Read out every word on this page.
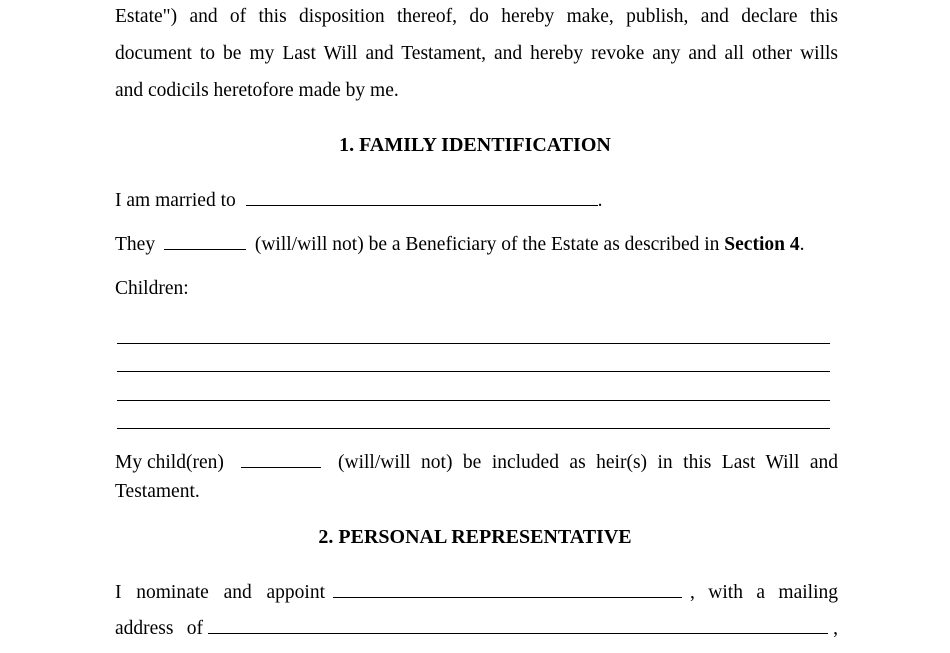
Estate") and of this disposition thereof, do hereby make, publish, and declare this
document to be my Last Will and Testament, and hereby revoke any and all other wills
and codicils heretofore made by me.
1. FAMILY IDENTIFICATION
I am married to	.
They	(will/will not) be a Beneficiary of the Estate as described in Section 4.
Children:
My child(ren)	(will/will not) be included as heir(s) in this Last Will and
Testament.
2. PERSONAL REPRESENTATIVE
I nominate and appoint	, with a mailing
address of	,
